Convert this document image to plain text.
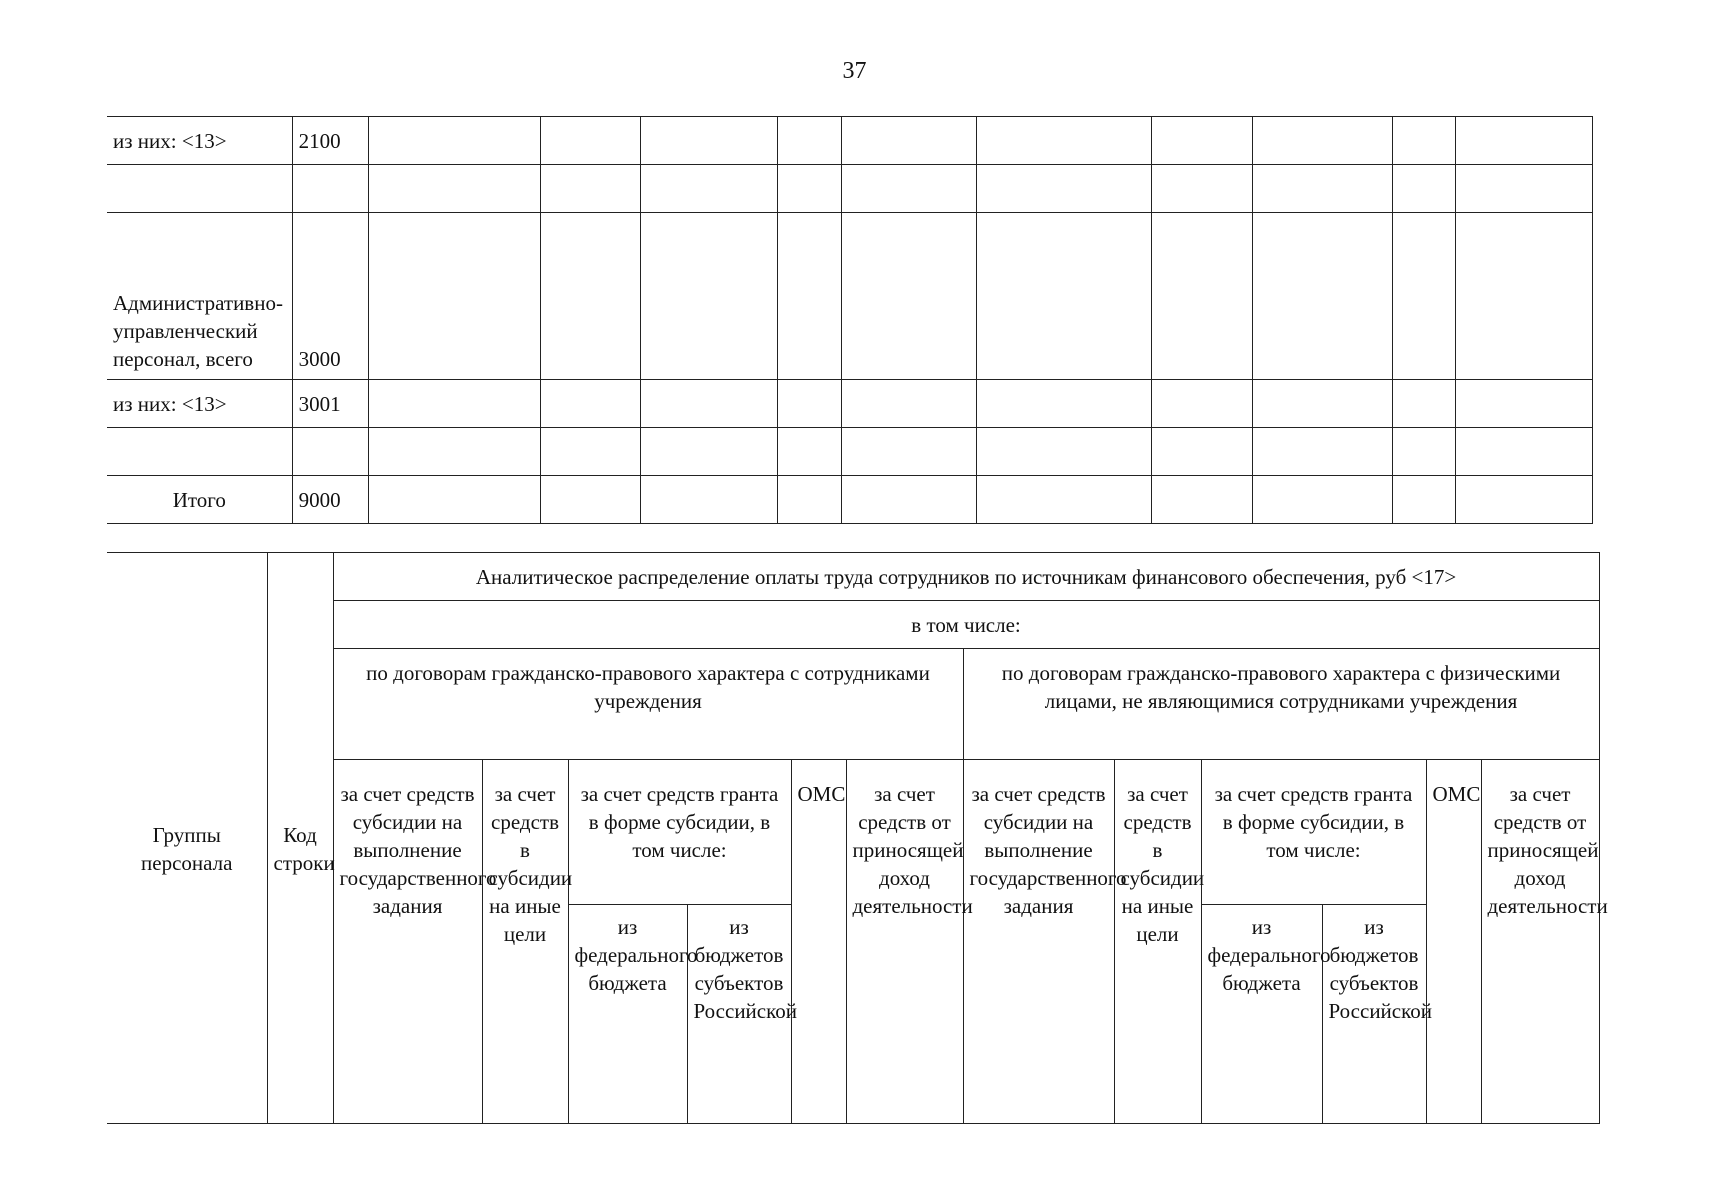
37
из них: <13>	2100										

Административно-управленческий персонал, всего	3000										
из них: <13>	3001										

Итого	9000										
Группы персонала	Код строки	Аналитическое распределение оплаты труда сотрудников по источникам финансового обеспечения, руб <17>											
		в том числе:											
		по договорам гражданско-правового характера с сотрудниками учреждения						по договорам гражданско-правового характера с физическими лицами, не являющимися сотрудниками учреждения					
		за счет средств субсидии на выполнение государственного задания	за счет средств в субсидии на иные цели	за счет средств гранта в форме субсидии, в том числе:		ОМС	за счет средств от приносящей доход деятельности	за счет средств субсидии на выполнение государственного задания	за счет средств в субсидии на иные цели	за счет средств гранта в форме субсидии, в том числе:		ОМС	за счет средств от приносящей доход деятельности
				из федерального бюджета	из бюджетов субъектов Российской					из федерального бюджета	из бюджетов субъектов Российской		
